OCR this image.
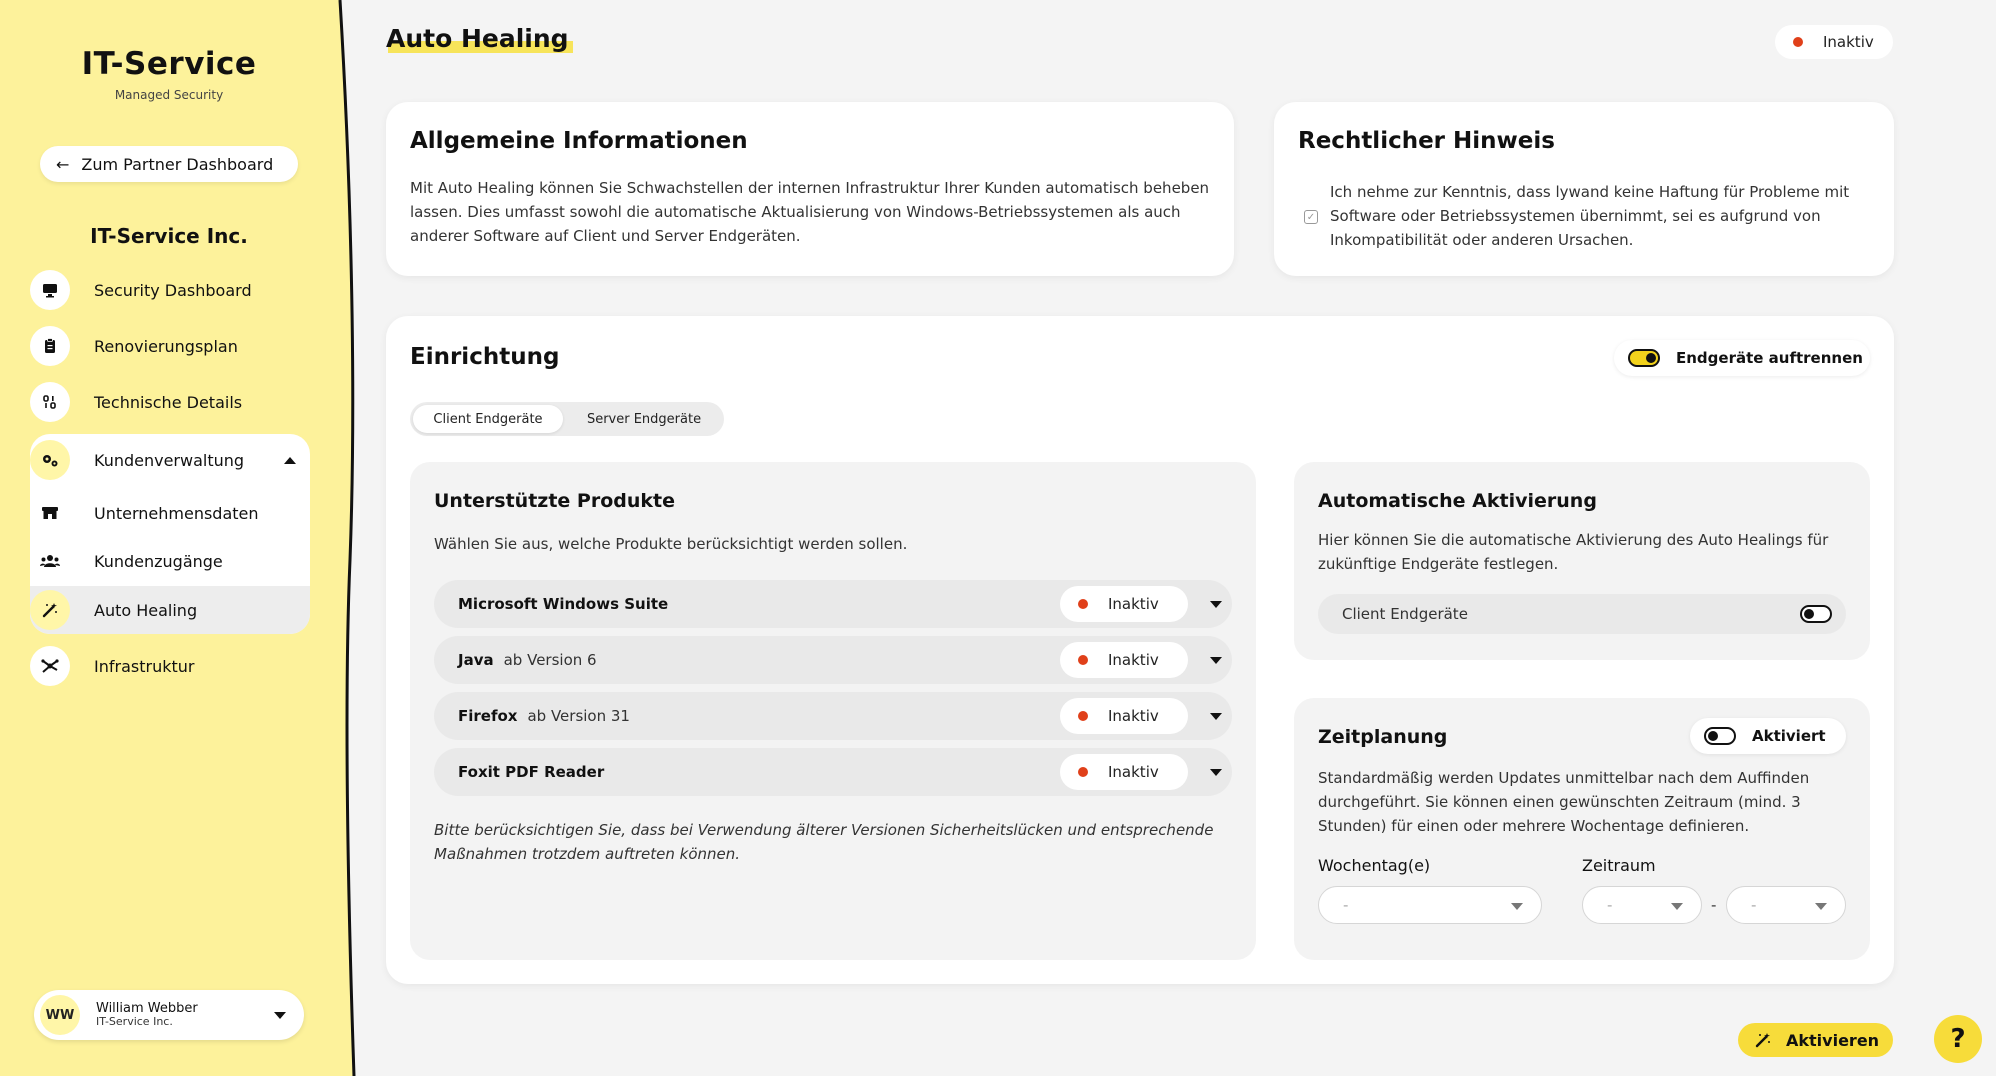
IT-Service
Managed Security
← Zum Partner Dashboard
IT-Service Inc.
Security Dashboard
Renovierungsplan
Technische Details
Kundenverwaltung
Unternehmensdaten
Kundenzugänge
Auto Healing
Infrastruktur
WW	William Webber
IT-Service Inc.
Auto Healing	Inaktiv
Allgemeine Informationen
Mit Auto Healing können Sie Schwachstellen der internen Infrastruktur Ihrer Kunden automatisch beheben lassen. Dies umfasst sowohl die automatische Aktualisierung von Windows-Betriebssystemen als auch anderer Software auf Client und Server Endgeräten.
Rechtlicher Hinweis
✓
Ich nehme zur Kenntnis, dass lywand keine Haftung für Probleme mit Software oder Betriebssystemen übernimmt, sei es aufgrund von Inkompatibilität oder anderen Ursachen.
Einrichtung	Endgeräte auftrennen
Client Endgeräte	Server Endgeräte
Unterstützte Produkte
Wählen Sie aus, welche Produkte berücksichtigt werden sollen.
Microsoft Windows Suite	Inaktiv
Java ab Version 6	Inaktiv
Firefox ab Version 31	Inaktiv
Foxit PDF Reader	Inaktiv
Bitte berücksichtigen Sie, dass bei Verwendung älterer Versionen Sicherheitslücken und entsprechende Maßnahmen trotzdem auftreten können.
Automatische Aktivierung
Hier können Sie die automatische Aktivierung des Auto Healings für zukünftige Endgeräte festlegen.
Client Endgeräte
Zeitplanung	Aktiviert
Standardmäßig werden Updates unmittelbar nach dem Auffinden durchgeführt. Sie können einen gewünschten Zeitraum (mind. 3 Stunden) für einen oder mehrere Wochentage definieren.
Wochentag(e)	Zeitraum
-	-	- -
Aktivieren	?
